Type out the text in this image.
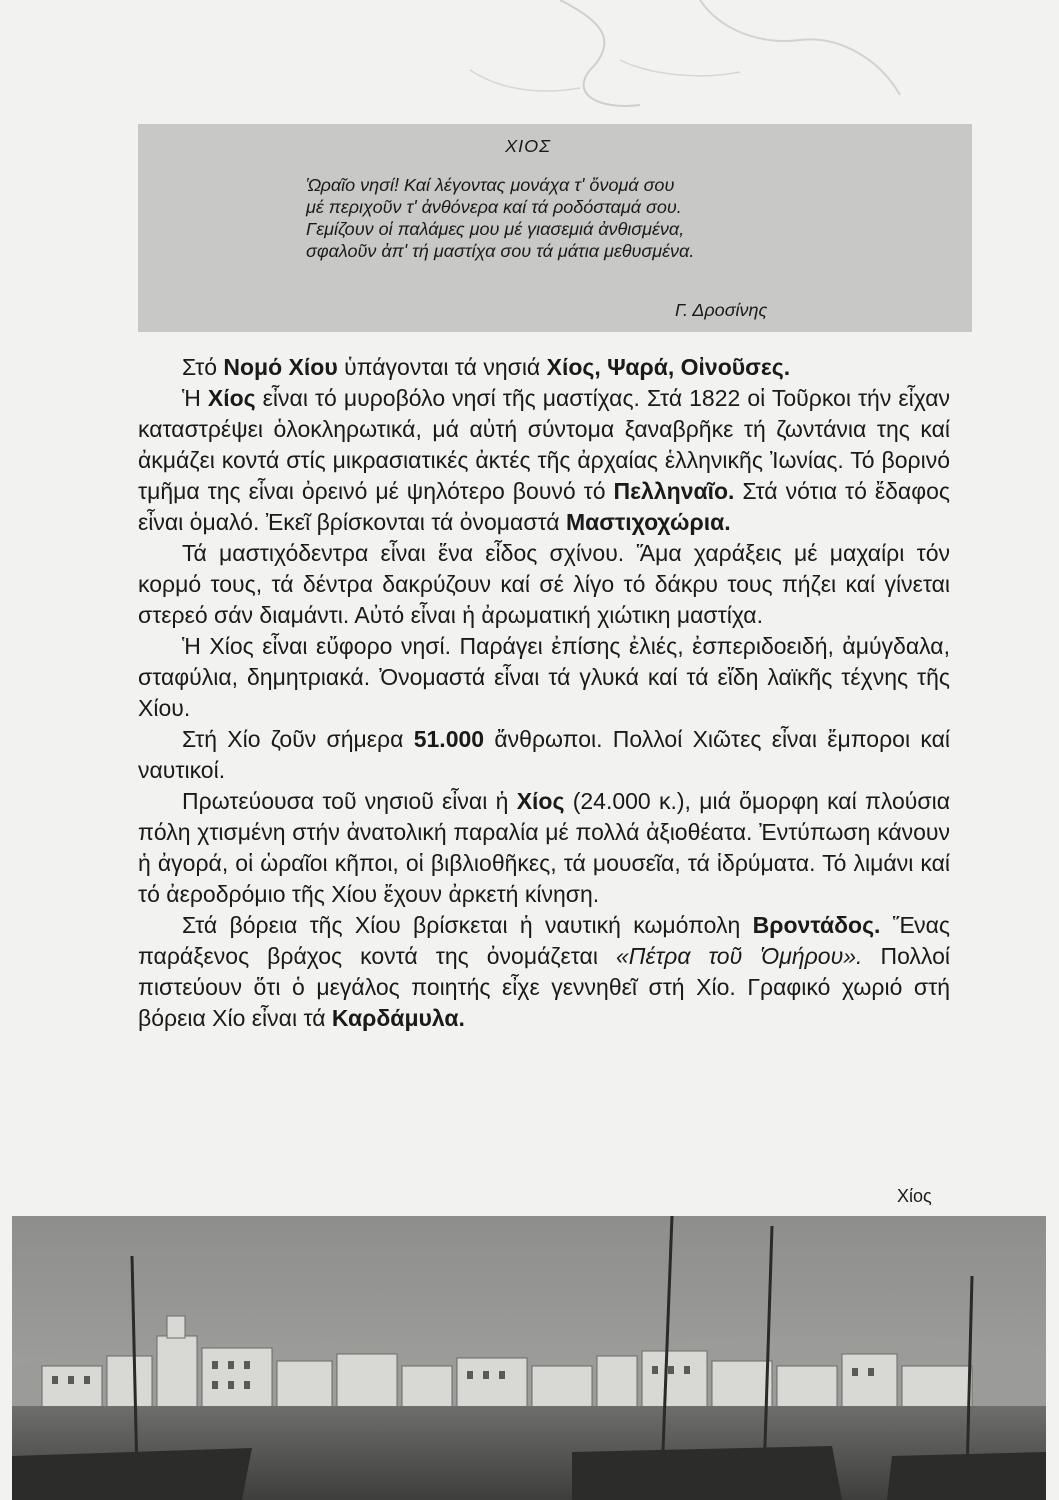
ΧΙΟΣ
Ὡραῖο νησί! Καί λέγοντας μονάχα τ' ὄνομά σου
μέ περιχοῦν τ' ἀνθόνερα καί τά ροδόσταμά σου.
Γεμίζουν οἱ παλάμες μου μέ γιασεμιά ἀνθισμένα,
σφαλοῦν ἀπ' τή μαστίχα σου τά μάτια μεθυσμένα.
Γ. Δροσίνης

Στό Νομό Χίου ὑπάγονται τά νησιά Χίος, Ψαρά, Οἰνοῦσες.

Ἡ Χίος εἶναι τό μυροβόλο νησί τῆς μαστίχας. Στά 1822 οἱ Τοῦρκοι τήν εἶχαν καταστρέψει ὁλοκληρωτικά, μά αὐτή σύντομα ξαναβρῆκε τή ζωντάνια της καί ἀκμάζει κοντά στίς μικρασιατικές ἀκτές τῆς ἀρχαίας ἑλληνικῆς Ἰωνίας. Τό βορινό τμῆμα της εἶναι ὀρεινό μέ ψηλότερο βουνό τό Πελληναῖο. Στά νότια τό ἔδαφος εἶναι ὁμαλό. Ἐκεῖ βρίσκονται τά ὀνομαστά Μαστιχοχώρια.

Τά μαστιχόδεντρα εἶναι ἕνα εἶδος σχίνου. Ἅμα χαράξεις μέ μαχαίρι τόν κορμό τους, τά δέντρα δακρύζουν καί σέ λίγο τό δάκρυ τους πήζει καί γίνεται στερεό σάν διαμάντι. Αὐτό εἶναι ἡ ἀρωματική χιώτικη μαστίχα.

Ἡ Χίος εἶναι εὔφορο νησί. Παράγει ἐπίσης ἐλιές, ἐσπεριδοειδή, ἀμύγδαλα, σταφύλια, δημητριακά. Ὀνομαστά εἶναι τά γλυκά καί τά εἴδη λαϊκῆς τέχνης τῆς Χίου.

Στή Χίο ζοῦν σήμερα 51.000 ἄνθρωποι. Πολλοί Χιῶτες εἶναι ἔμποροι καί ναυτικοί.

Πρωτεύουσα τοῦ νησιοῦ εἶναι ἡ Χίος (24.000 κ.), μιά ὄμορφη καί πλούσια πόλη χτισμένη στήν ἀνατολική παραλία μέ πολλά ἀξιοθέατα. Ἐντύπωση κάνουν ἡ ἀγορά, οἱ ὡραῖοι κῆποι, οἱ βιβλιοθῆκες, τά μουσεῖα, τά ἱδρύματα. Τό λιμάνι καί τό ἀεροδρόμιο τῆς Χίου ἔχουν ἀρκετή κίνηση.

Στά βόρεια τῆς Χίου βρίσκεται ἡ ναυτική κωμόπολη Βροντάδος. Ἕνας παράξενος βράχος κοντά της ὀνομάζεται «Πέτρα τοῦ Ὁμήρου». Πολλοί πιστεύουν ὅτι ὁ μεγάλος ποιητής εἶχε γεννηθεῖ στή Χίο. Γραφικό χωριό στή βόρεια Χίο εἶναι τά Καρδάμυλα.

Χίος
